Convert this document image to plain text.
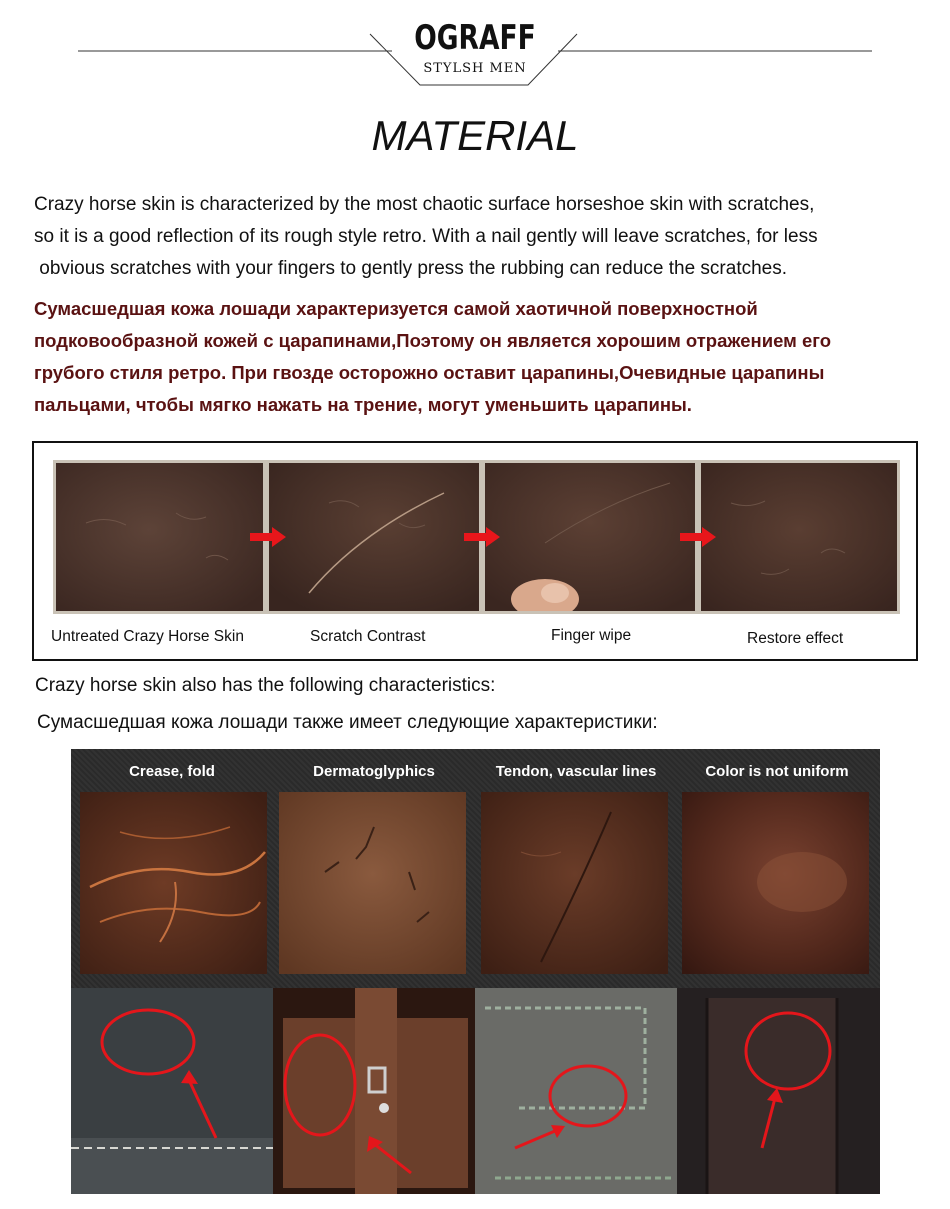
OGRAFF
STYLSH MEN
MATERIAL
Crazy horse skin is characterized by the most chaotic surface horseshoe skin with scratches,
so it is a good reflection of its rough style retro. With a nail gently will leave scratches, for less
obvious scratches with your fingers to gently press the rubbing can reduce the scratches.
Сумасшедшая кожа лошади характеризуется самой хаотичной поверхностной
подковообразной кожей с царапинами,Поэтому он является хорошим отражением его
грубого стиля ретро. При гвозде осторожно оставит царапины,Очевидные царапины
пальцами, чтобы мягко нажать на трение, могут уменьшить царапины.
Untreated Crazy Horse Skin	Scratch Contrast	Finger wipe	Restore effect
Crazy horse skin also has the following characteristics:
Сумасшедшая кожа лошади также имеет следующие характеристики:
Crease, fold	Dermatoglyphics	Tendon, vascular lines	Color is not uniform
